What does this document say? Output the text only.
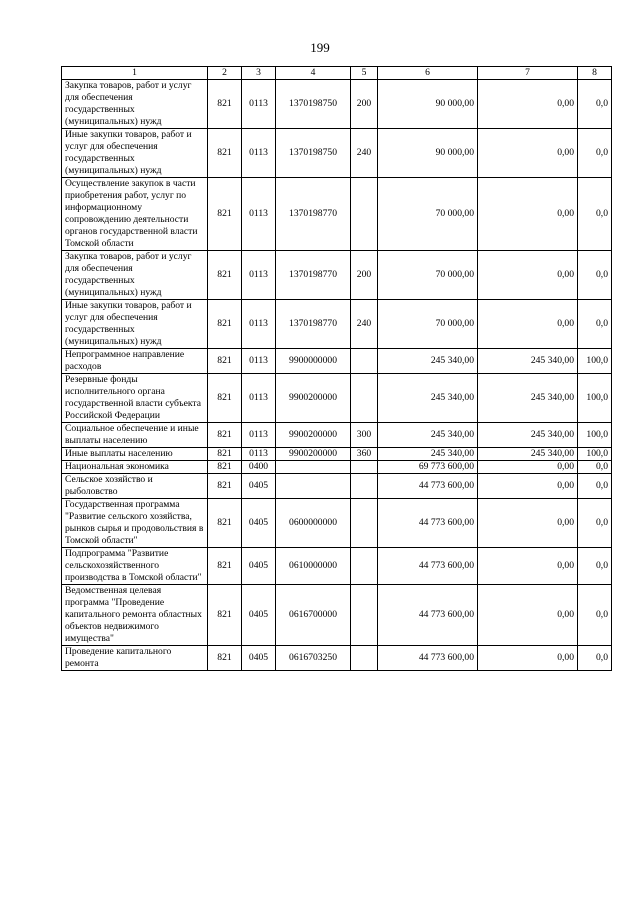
199
1	2	3	4	5	6	7	8
Закупка товаров, работ и услуг для обеспечения государственных (муниципальных) нужд	821	0113	1370198750	200	90 000,00	0,00	0,0
Иные закупки товаров, работ и услуг для обеспечения государственных (муниципальных) нужд	821	0113	1370198750	240	90 000,00	0,00	0,0
Осуществление закупок в части приобретения работ, услуг по информационному сопровождению деятельности органов государственной власти Томской области	821	0113	1370198770		70 000,00	0,00	0,0
Закупка товаров, работ и услуг для обеспечения государственных (муниципальных) нужд	821	0113	1370198770	200	70 000,00	0,00	0,0
Иные закупки товаров, работ и услуг для обеспечения государственных (муниципальных) нужд	821	0113	1370198770	240	70 000,00	0,00	0,0
Непрограммное направление расходов	821	0113	9900000000		245 340,00	245 340,00	100,0
Резервные фонды исполнительного органа государственной власти субъекта Российской Федерации	821	0113	9900200000		245 340,00	245 340,00	100,0
Социальное обеспечение и иные выплаты населению	821	0113	9900200000	300	245 340,00	245 340,00	100,0
Иные выплаты населению	821	0113	9900200000	360	245 340,00	245 340,00	100,0
Национальная экономика	821	0400			69 773 600,00	0,00	0,0
Сельское хозяйство и рыболовство	821	0405			44 773 600,00	0,00	0,0
Государственная программа "Развитие сельского хозяйства, рынков сырья и продовольствия в Томской области"	821	0405	0600000000		44 773 600,00	0,00	0,0
Подпрограмма "Развитие сельскохозяйственного производства в Томской области"	821	0405	0610000000		44 773 600,00	0,00	0,0
Ведомственная целевая программа "Проведение капитального ремонта областных объектов недвижимого имущества"	821	0405	0616700000		44 773 600,00	0,00	0,0
Проведение капитального ремонта	821	0405	0616703250		44 773 600,00	0,00	0,0
